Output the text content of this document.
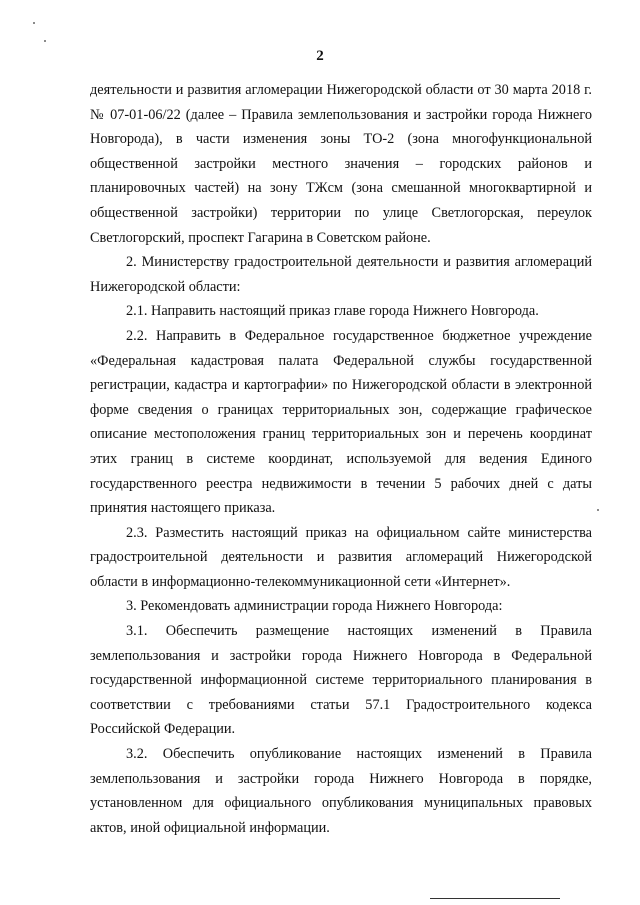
2

деятельности и развития агломерации Нижегородской области от 30 марта 2018 г. № 07-01-06/22 (далее – Правила землепользования и застройки города Нижнего Новгорода), в части изменения зоны ТО-2 (зона многофункциональной общественной застройки местного значения – городских районов и планировочных частей) на зону ТЖсм (зона смешанной многоквартирной и общественной застройки) территории по улице Светлогорская, переулок Светлогорский, проспект Гагарина в Советском районе.

2. Министерству градостроительной деятельности и развития агломераций Нижегородской области:

2.1. Направить настоящий приказ главе города Нижнего Новгорода.

2.2. Направить в Федеральное государственное бюджетное учреждение «Федеральная кадастровая палата Федеральной службы государственной регистрации, кадастра и картографии» по Нижегородской области в электронной форме сведения о границах территориальных зон, содержащие графическое описание местоположения границ территориальных зон и перечень координат этих границ в системе координат, используемой для ведения Единого государственного реестра недвижимости в течении 5 рабочих дней с даты принятия настоящего приказа.

2.3. Разместить настоящий приказ на официальном сайте министерства градостроительной деятельности и развития агломераций Нижегородской области в информационно-телекоммуникационной сети «Интернет».

3. Рекомендовать администрации города Нижнего Новгорода:

3.1. Обеспечить размещение настоящих изменений в Правила землепользования и застройки города Нижнего Новгорода в Федеральной государственной информационной системе территориального планирования в соответствии с требованиями статьи 57.1 Градостроительного кодекса Российской Федерации.

3.2. Обеспечить опубликование настоящих изменений в Правила землепользования и застройки города Нижнего Новгорода в порядке, установленном для официального опубликования муниципальных правовых актов, иной официальной информации.
